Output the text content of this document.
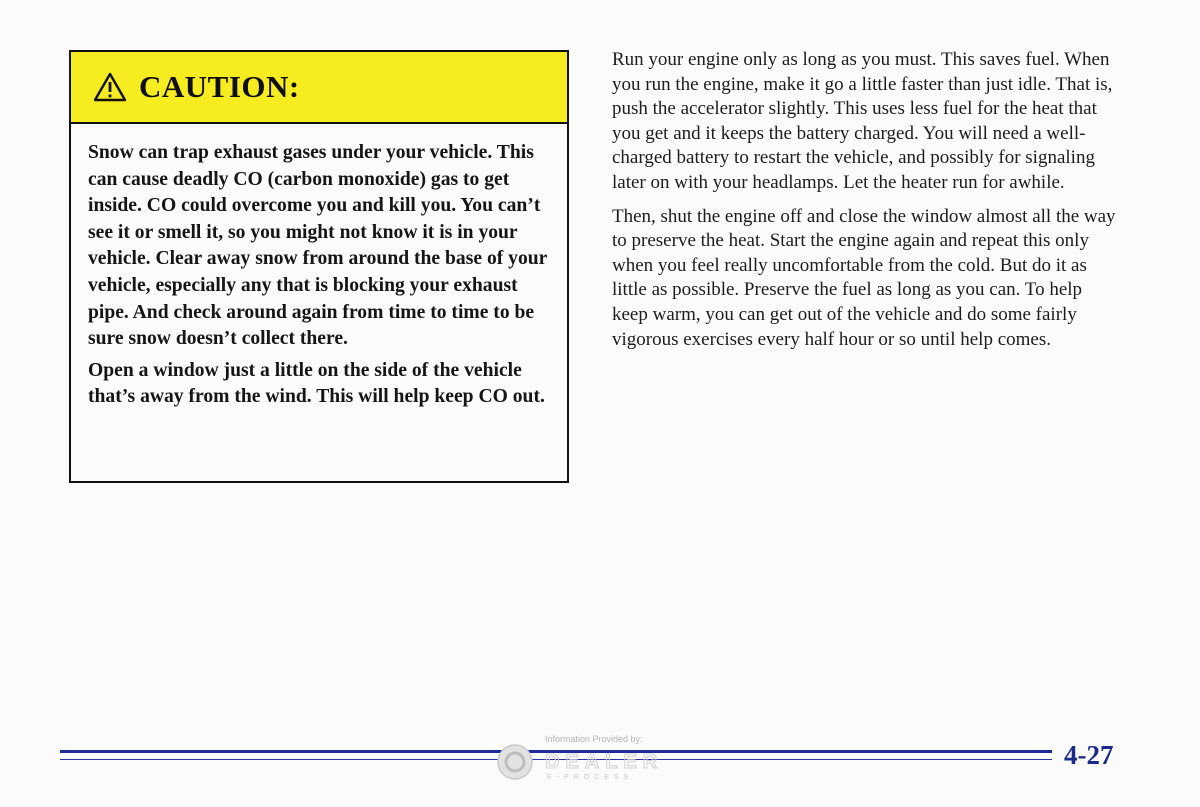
CAUTION:

Snow can trap exhaust gases under your vehicle. This can cause deadly CO (carbon monoxide) gas to get inside. CO could overcome you and kill you. You can’t see it or smell it, so you might not know it is in your vehicle. Clear away snow from around the base of your vehicle, especially any that is blocking your exhaust pipe. And check around again from time to time to be sure snow doesn’t collect there.

Open a window just a little on the side of the vehicle that’s away from the wind. This will help keep CO out.

Run your engine only as long as you must. This saves fuel. When you run the engine, make it go a little faster than just idle. That is, push the accelerator slightly. This uses less fuel for the heat that you get and it keeps the battery charged. You will need a well-charged battery to restart the vehicle, and possibly for signaling later on with your headlamps. Let the heater run for awhile.

Then, shut the engine off and close the window almost all the way to preserve the heat. Start the engine again and repeat this only when you feel really uncomfortable from the cold. But do it as little as possible. Preserve the fuel as long as you can. To help keep warm, you can get out of the vehicle and do some fairly vigorous exercises every half hour or so until help comes.

Information Provided by:
DEALER
E-PROCESS
4-27
